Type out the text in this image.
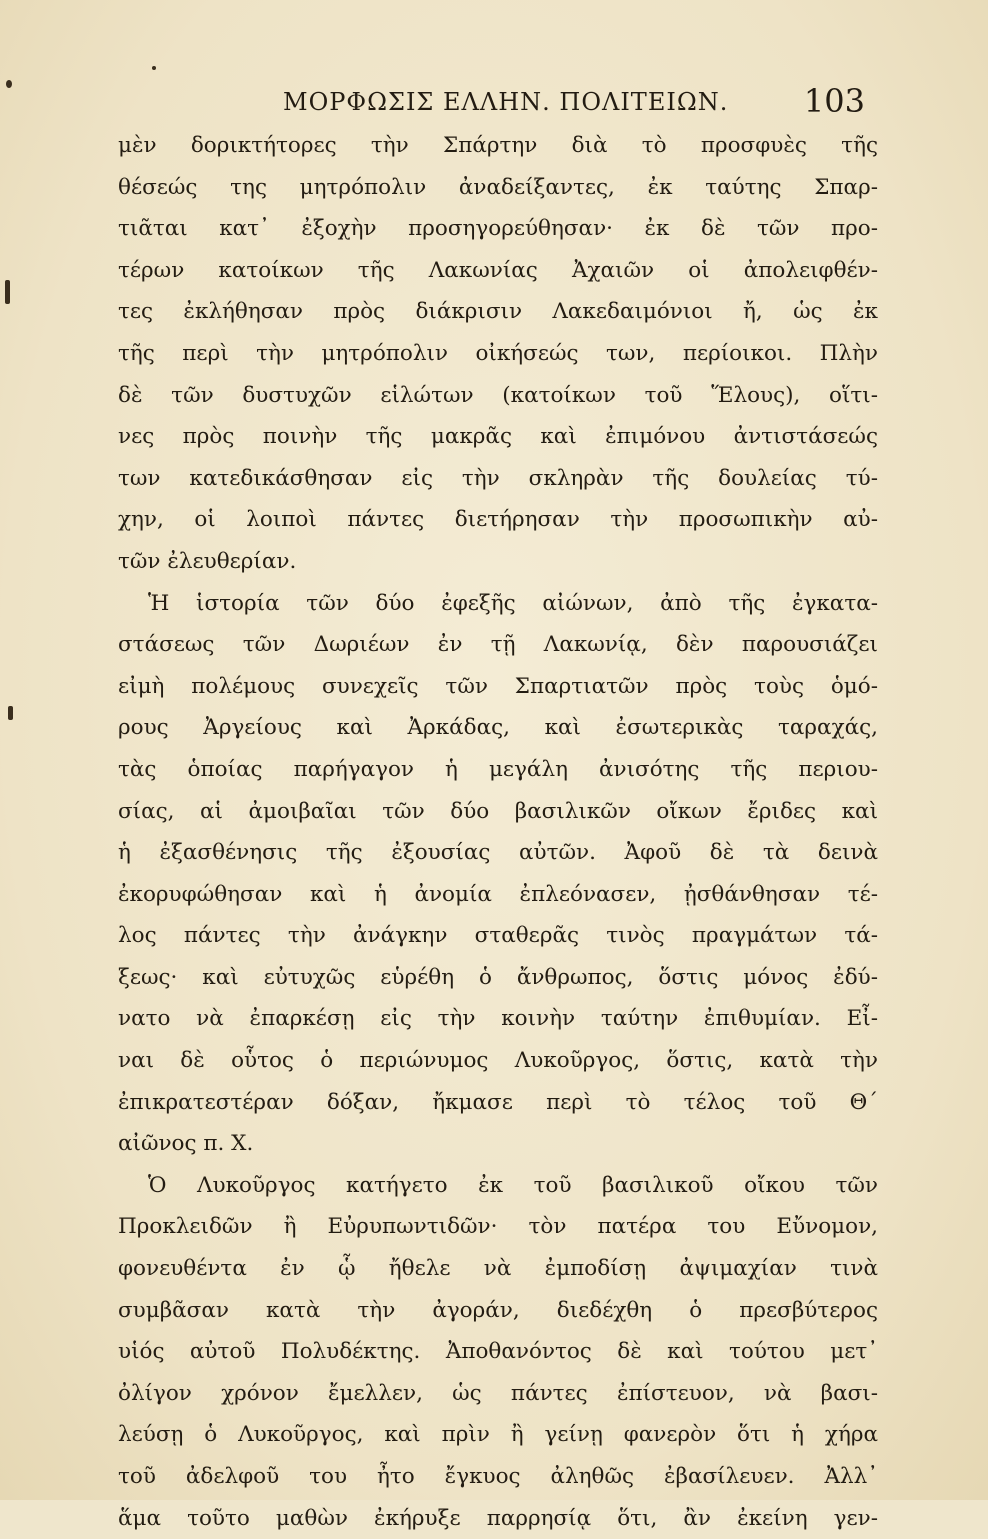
ΜΟΡΦΩΣΙΣ ΕΛΛΗΝ. ΠΟΛΙΤΕΙΩΝ. 103
μὲν δορικτήτορες τὴν Σπάρτην διὰ τὸ προσφυὲς τῆς
θέσεώς της μητρόπολιν ἀναδείξαντες, ἐκ ταύτης Σπαρ-
τιᾶται κατ᾽ ἐξοχὴν προσηγορεύθησαν· ἐκ δὲ τῶν προ-
τέρων κατοίκων τῆς Λακωνίας Ἀχαιῶν οἱ ἀπολειφθέν-
τες ἐκλήθησαν πρὸς διάκρισιν Λακεδαιμόνιοι ἤ, ὡς ἐκ
τῆς περὶ τὴν μητρόπολιν οἰκήσεώς των, περίοικοι. Πλὴν
δὲ τῶν δυστυχῶν εἱλώτων (κατοίκων τοῦ Ἕλους), οἵτι-
νες πρὸς ποινὴν τῆς μακρᾶς καὶ ἐπιμόνου ἀντιστάσεώς
των κατεδικάσθησαν εἰς τὴν σκληρὰν τῆς δουλείας τύ-
χην, οἱ λοιποὶ πάντες διετήρησαν τὴν προσωπικὴν αὐ-
τῶν ἐλευθερίαν.
Ἡ ἱστορία τῶν δύο ἐφεξῆς αἰώνων, ἀπὸ τῆς ἐγκατα-
στάσεως τῶν Δωριέων ἐν τῇ Λακωνίᾳ, δὲν παρουσιάζει
εἰμὴ πολέμους συνεχεῖς τῶν Σπαρτιατῶν πρὸς τοὺς ὁμό-
ρους Ἀργείους καὶ Ἀρκάδας, καὶ ἐσωτερικὰς ταραχάς,
τὰς ὁποίας παρήγαγον ἡ μεγάλη ἀνισότης τῆς περιου-
σίας, αἱ ἀμοιβαῖαι τῶν δύο βασιλικῶν οἴκων ἔριδες καὶ
ἡ ἐξασθένησις τῆς ἐξουσίας αὐτῶν. Ἀφοῦ δὲ τὰ δεινὰ
ἐκορυφώθησαν καὶ ἡ ἀνομία ἐπλεόνασεν, ᾐσθάνθησαν τέ-
λος πάντες τὴν ἀνάγκην σταθερᾶς τινὸς πραγμάτων τά-
ξεως· καὶ εὐτυχῶς εὑρέθη ὁ ἄνθρωπος, ὅστις μόνος ἐδύ-
νατο νὰ ἐπαρκέσῃ εἰς τὴν κοινὴν ταύτην ἐπιθυμίαν. Εἶ-
ναι δὲ οὗτος ὁ περιώνυμος Λυκοῦργος, ὅστις, κατὰ τὴν
ἐπικρατεστέραν δόξαν, ἤκμασε περὶ τὸ τέλος τοῦ Θ´
αἰῶνος π. Χ.
Ὁ Λυκοῦργος κατήγετο ἐκ τοῦ βασιλικοῦ οἴκου τῶν
Προκλειδῶν ἢ Εὐρυπωντιδῶν· τὸν πατέρα του Εὔνομον,
φονευθέντα ἐν ᾧ ἤθελε νὰ ἐμποδίσῃ ἀψιμαχίαν τινὰ
συμβᾶσαν κατὰ τὴν ἀγοράν, διεδέχθη ὁ πρεσβύτερος
υἱός αὐτοῦ Πολυδέκτης. Ἀποθανόντος δὲ καὶ τούτου μετ᾽
ὀλίγον χρόνον ἔμελλεν, ὡς πάντες ἐπίστευον, νὰ βασι-
λεύσῃ ὁ Λυκοῦργος, καὶ πρὶν ἢ γείνῃ φανερὸν ὅτι ἡ χήρα
τοῦ ἀδελφοῦ του ἦτο ἔγκυος ἀληθῶς ἐβασίλευεν. Ἀλλ᾽
ἅμα τοῦτο μαθὼν ἐκήρυξε παρρησίᾳ ὅτι, ἂν ἐκείνη γεν-
